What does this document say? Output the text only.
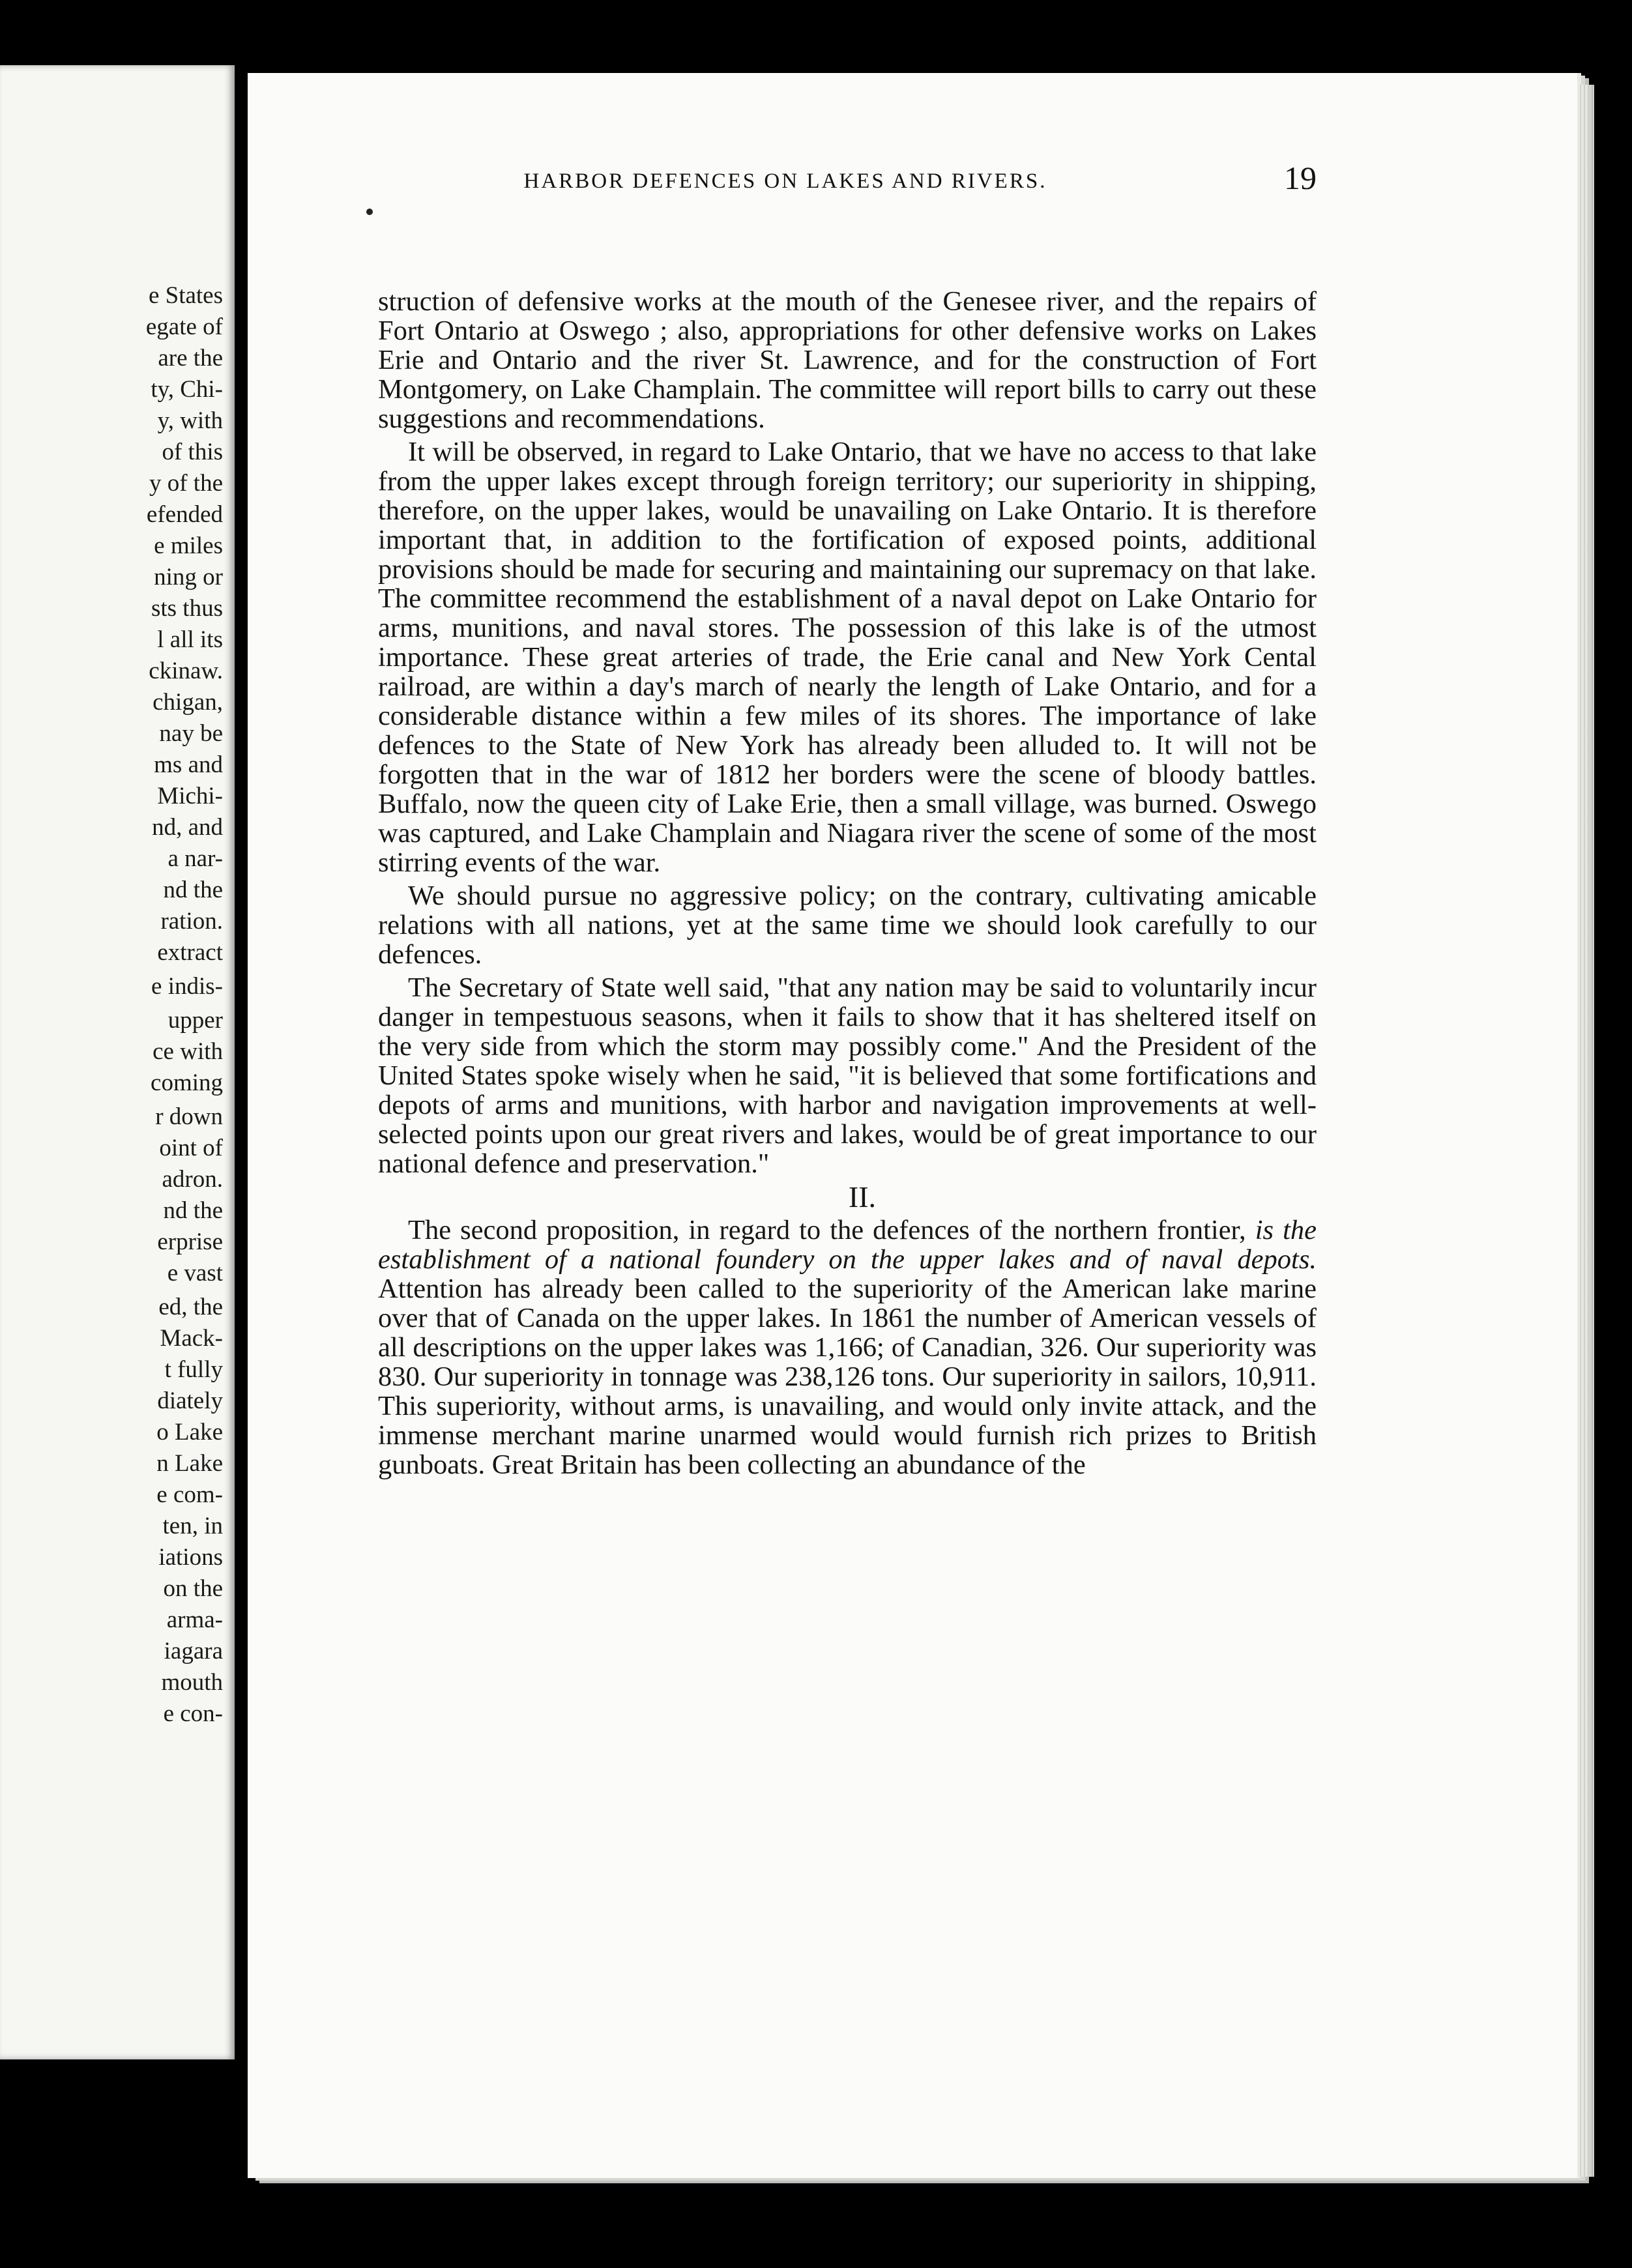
e States
egate of
are the
ty, Chi-
y, with
of this
y of the
efended
e miles
ning or
sts thus
l all its
ckinaw.
chigan,
nay be
ms and
Michi-
nd, and
a nar-
nd the
ration.
extract
e indis-
upper
ce with
coming
r down
oint of
adron.
nd the
erprise
e vast
ed, the
Mack-
t fully
diately
o Lake
n Lake
e com-
ten, in
iations
on the
arma-
iagara
mouth
e con-
HARBOR DEFENCES ON LAKES AND RIVERS.	19

struction of defensive works at the mouth of the Genesee river, and the repairs of Fort Ontario at Oswego ; also, appropriations for other defensive works on Lakes Erie and Ontario and the river St. Lawrence, and for the construction of Fort Montgomery, on Lake Champlain. The committee will report bills to carry out these suggestions and recommendations.

It will be observed, in regard to Lake Ontario, that we have no access to that lake from the upper lakes except through foreign territory; our superiority in shipping, therefore, on the upper lakes, would be unavailing on Lake Ontario. It is therefore important that, in addition to the fortification of exposed points, additional provisions should be made for securing and maintaining our supremacy on that lake. The committee recommend the establishment of a naval depot on Lake Ontario for arms, munitions, and naval stores. The possession of this lake is of the utmost importance. These great arteries of trade, the Erie canal and New York Cental railroad, are within a day's march of nearly the length of Lake Ontario, and for a considerable distance within a few miles of its shores. The importance of lake defences to the State of New York has already been alluded to. It will not be forgotten that in the war of 1812 her borders were the scene of bloody battles. Buffalo, now the queen city of Lake Erie, then a small village, was burned. Oswego was captured, and Lake Champlain and Niagara river the scene of some of the most stirring events of the war.

We should pursue no aggressive policy; on the contrary, cultivating amicable relations with all nations, yet at the same time we should look carefully to our defences.

The Secretary of State well said, "that any nation may be said to voluntarily incur danger in tempestuous seasons, when it fails to show that it has sheltered itself on the very side from which the storm may possibly come." And the President of the United States spoke wisely when he said, "it is believed that some fortifications and depots of arms and munitions, with harbor and navigation improvements at well-selected points upon our great rivers and lakes, would be of great importance to our national defence and preservation."

II.

The second proposition, in regard to the defences of the northern frontier, is the establishment of a national foundery on the upper lakes and of naval depots. Attention has already been called to the superiority of the American lake marine over that of Canada on the upper lakes. In 1861 the number of American vessels of all descriptions on the upper lakes was 1,166; of Canadian, 326. Our superiority was 830. Our superiority in tonnage was 238,126 tons. Our superiority in sailors, 10,911. This superiority, without arms, is unavailing, and would only invite attack, and the immense merchant marine unarmed would would furnish rich prizes to British gunboats. Great Britain has been collecting an abundance of the
